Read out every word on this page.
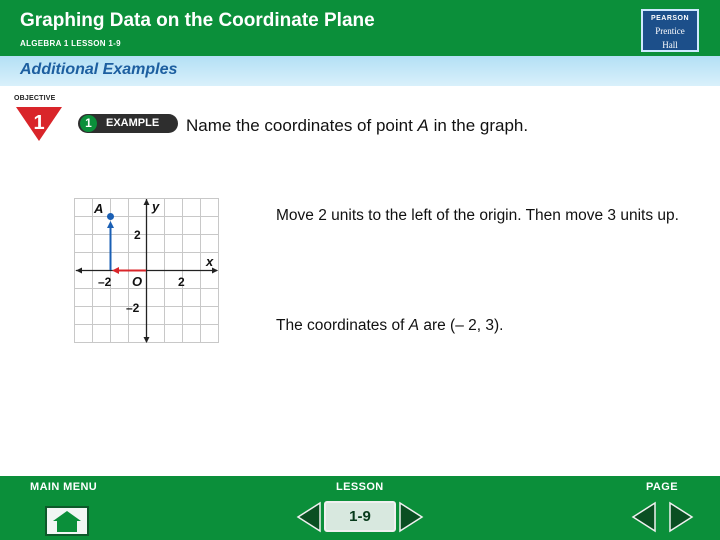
Graphing Data on the Coordinate Plane
ALGEBRA 1 LESSON 1-9
PEARSON
Prentice
Hall
Additional Examples
OBJECTIVE
1	1	EXAMPLE Name the coordinates of point A in the graph.
A	y
x
O
–2	2
2
–2
Move 2 units to the left of the origin. Then move 3 units up.
The coordinates of A are (– 2, 3).
MAIN MENU	LESSON	PAGE
1-9
